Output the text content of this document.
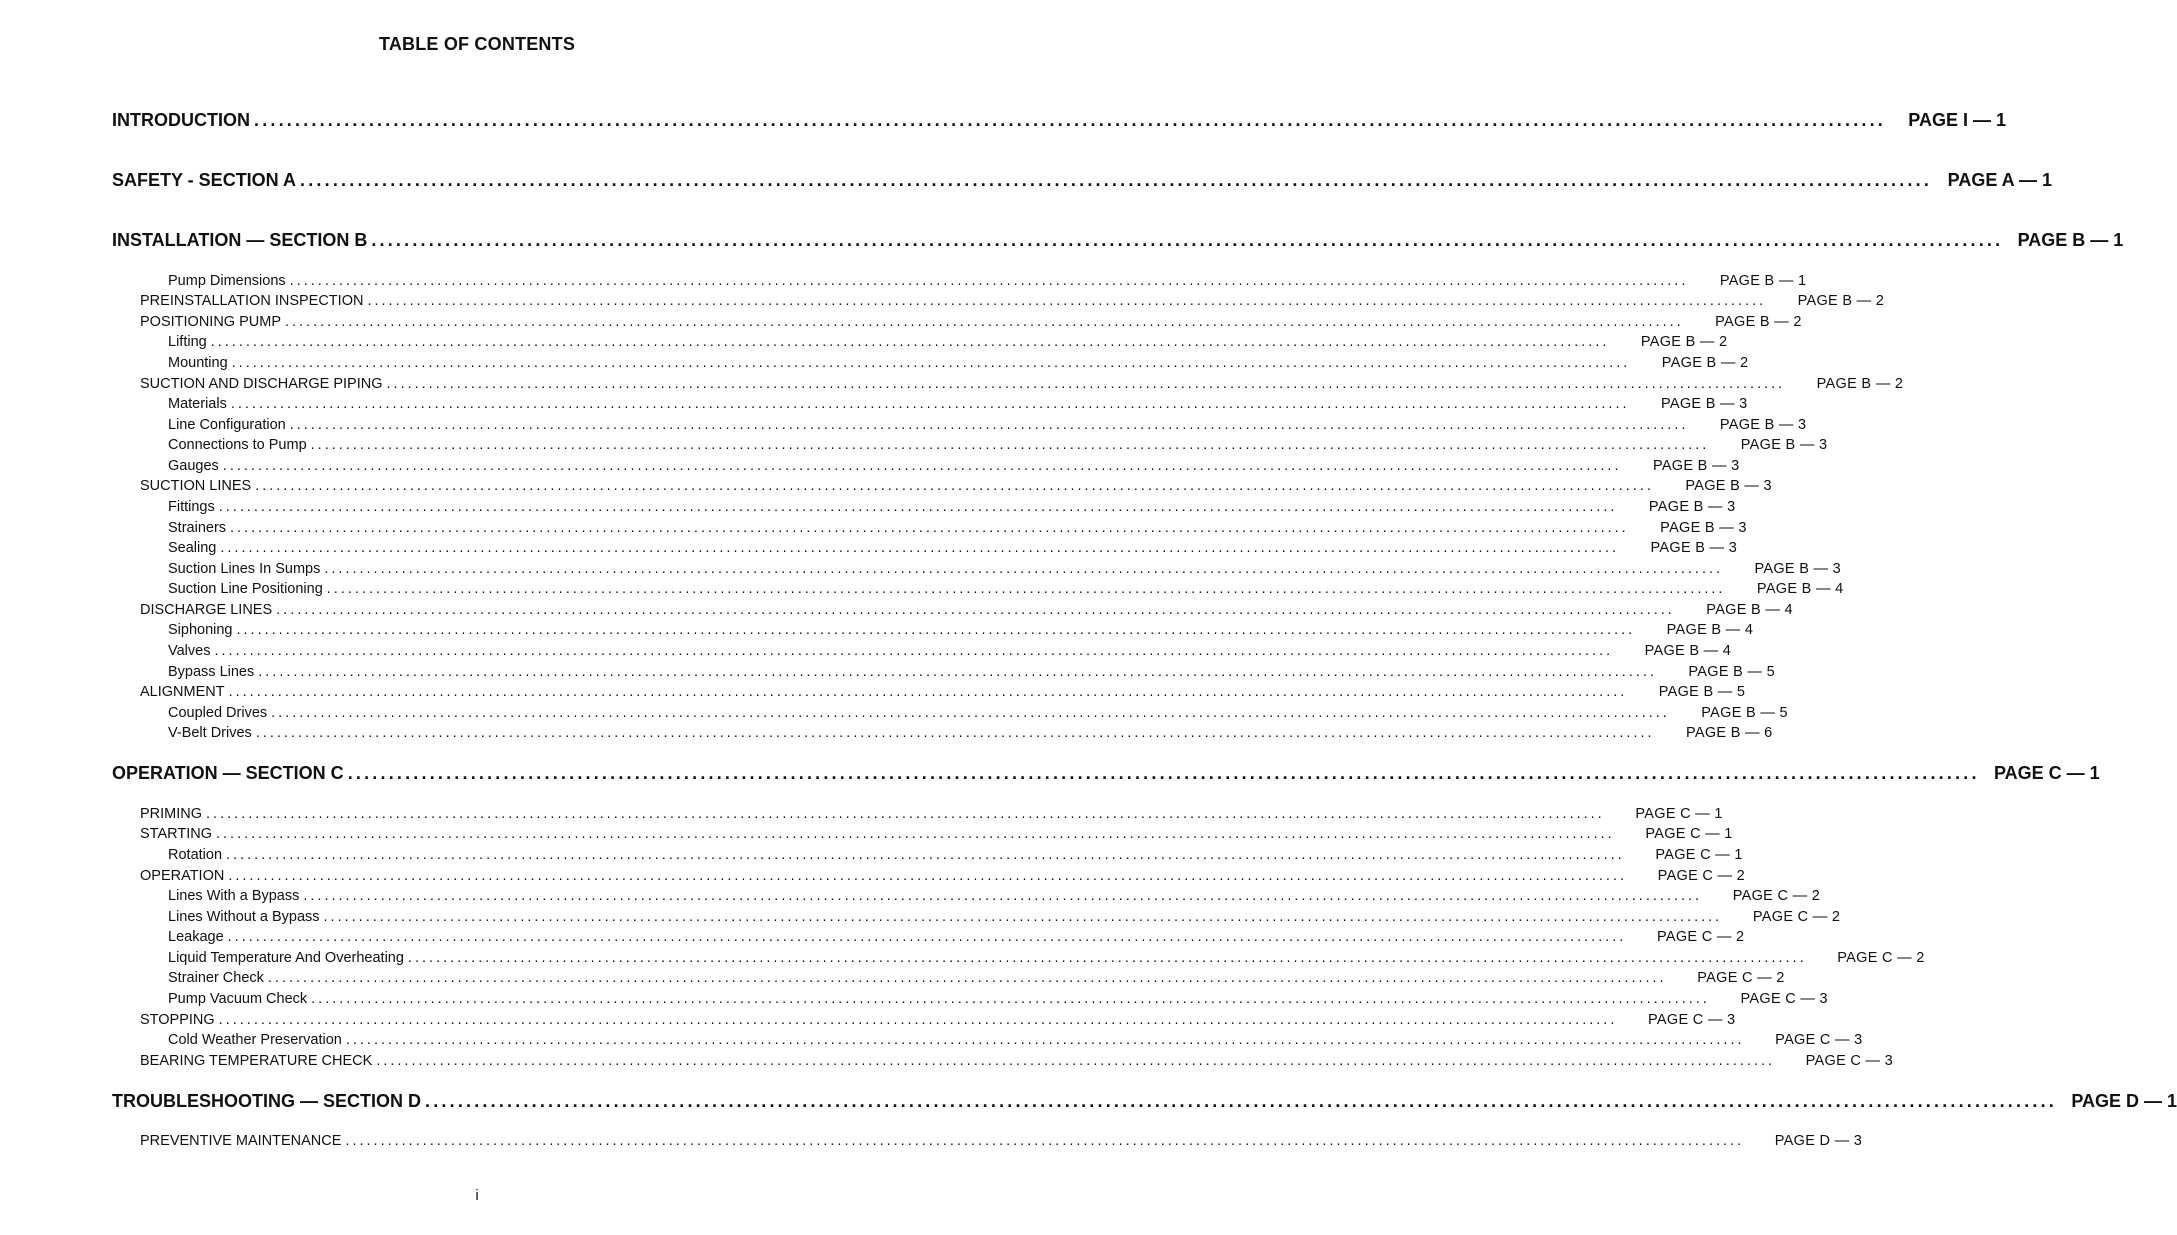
TABLE OF CONTENTS
INTRODUCTION .......................................................................................................................................................................................................	PAGE I — 1
SAFETY - SECTION A ....................................................................................................................................................................................................... PAGE A — 1
INSTALLATION — SECTION B ....................................................................................................................................................................................................... PAGE B — 1
Pump Dimensions .......................................................................................................................................................................................................	PAGE B — 1
PREINSTALLATION INSPECTION .......................................................................................................................................................................................................	PAGE B — 2
POSITIONING PUMP .......................................................................................................................................................................................................	PAGE B — 2
Lifting .......................................................................................................................................................................................................	PAGE B — 2
Mounting .......................................................................................................................................................................................................	PAGE B — 2
SUCTION AND DISCHARGE PIPING .......................................................................................................................................................................................................	PAGE B — 2
Materials .......................................................................................................................................................................................................	PAGE B — 3
Line Configuration .......................................................................................................................................................................................................	PAGE B — 3
Connections to Pump .......................................................................................................................................................................................................	PAGE B — 3
Gauges .......................................................................................................................................................................................................	PAGE B — 3
SUCTION LINES .......................................................................................................................................................................................................	PAGE B — 3
Fittings .......................................................................................................................................................................................................	PAGE B — 3
Strainers .......................................................................................................................................................................................................	PAGE B — 3
Sealing .......................................................................................................................................................................................................	PAGE B — 3
Suction Lines In Sumps .......................................................................................................................................................................................................	PAGE B — 3
Suction Line Positioning .......................................................................................................................................................................................................	PAGE B — 4
DISCHARGE LINES .......................................................................................................................................................................................................	PAGE B — 4
Siphoning .......................................................................................................................................................................................................	PAGE B — 4
Valves .......................................................................................................................................................................................................	PAGE B — 4
Bypass Lines .......................................................................................................................................................................................................	PAGE B — 5
ALIGNMENT .......................................................................................................................................................................................................	PAGE B — 5
Coupled Drives .......................................................................................................................................................................................................	PAGE B — 5
V-Belt Drives .......................................................................................................................................................................................................	PAGE B — 6
OPERATION — SECTION C ....................................................................................................................................................................................................... PAGE C — 1
PRIMING .......................................................................................................................................................................................................	PAGE C — 1
STARTING .......................................................................................................................................................................................................	PAGE C — 1
Rotation .......................................................................................................................................................................................................	PAGE C — 1
OPERATION .......................................................................................................................................................................................................	PAGE C — 2
Lines With a Bypass .......................................................................................................................................................................................................	PAGE C — 2
Lines Without a Bypass .......................................................................................................................................................................................................	PAGE C — 2
Leakage .......................................................................................................................................................................................................	PAGE C — 2
Liquid Temperature And Overheating .......................................................................................................................................................................................................	PAGE C — 2
Strainer Check .......................................................................................................................................................................................................	PAGE C — 2
Pump Vacuum Check .......................................................................................................................................................................................................	PAGE C — 3
STOPPING .......................................................................................................................................................................................................	PAGE C — 3
Cold Weather Preservation .......................................................................................................................................................................................................	PAGE C — 3
BEARING TEMPERATURE CHECK .......................................................................................................................................................................................................	PAGE C — 3
TROUBLESHOOTING — SECTION D ....................................................................................................................................................................................................... PAGE D — 1
PREVENTIVE MAINTENANCE .......................................................................................................................................................................................................	PAGE D — 3
i
